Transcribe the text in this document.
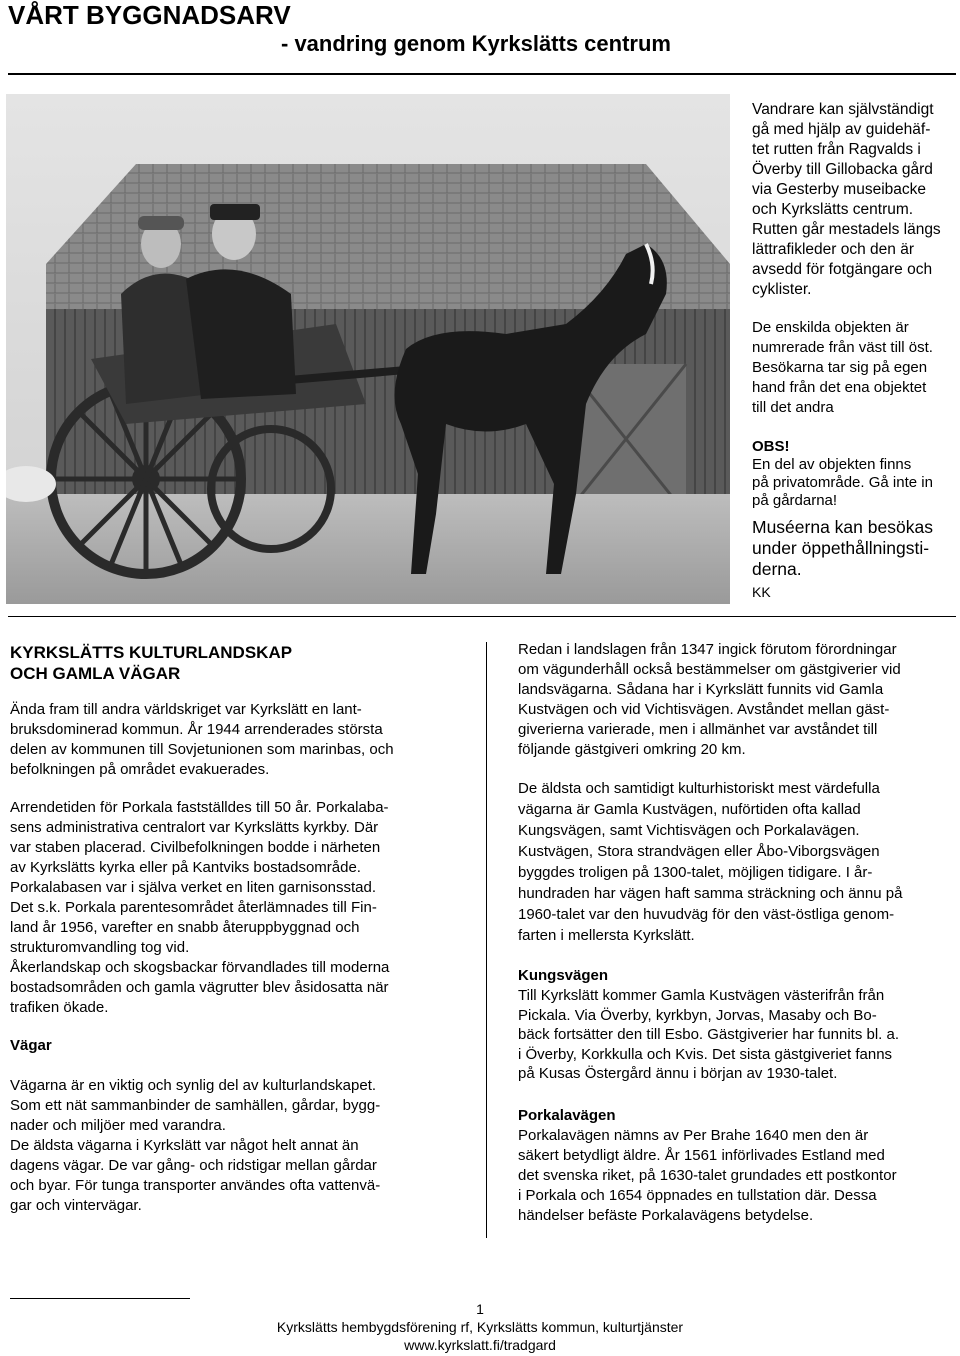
VÅRT BYGGNADSARV
- vandring genom Kyrkslätts centrum
Vandrare kan självständigt
gå med hjälp av guidehäf-
tet rutten från Ragvalds i
Överby till Gillobacka gård
via Gesterby museibacke
och Kyrkslätts centrum.
Rutten går mestadels längs
lättrafikleder och den är
avsedd för fotgängare och
cyklister.
De enskilda objekten är
numrerade från väst till öst.
Besökarna tar sig på egen
hand från det ena objektet
till det andra
OBS!
En del av objekten finns
på privatområde. Gå inte in
på gårdarna!
Muséerna kan besökas
under öppethållningsti-
derna.
KK
KYRKSLÄTTS KULTURLANDSKAP
OCH GAMLA VÄGAR

Ända fram till andra världskriget var Kyrkslätt en lant-
bruksdominerad kommun. År 1944 arrenderades största
delen av kommunen till Sovjetunionen som marinbas, och
befolkningen på området evakuerades.

Arrendetiden för Porkala fastställdes till 50 år. Porkalaba-
sens administrativa centralort var Kyrkslätts kyrkby. Där
var staben placerad. Civilbefolkningen bodde i närheten
av Kyrkslätts kyrka eller på Kantviks bostadsområde.
Porkalabasen var i själva verket en liten garnisonsstad.
Det s.k. Porkala parentesområdet återlämnades till Fin-
land år 1956, varefter en snabb återuppbyggnad och
strukturomvandling tog vid.
Åkerlandskap och skogsbackar förvandlades till moderna
bostadsområden och gamla vägrutter blev åsidosatta när
trafiken ökade.

Vägar

Vägarna är en viktig och synlig del av kulturlandskapet.
Som ett nät sammanbinder de samhällen, gårdar, bygg-
nader och miljöer med varandra.
De äldsta vägarna i Kyrkslätt var något helt annat än
dagens vägar. De var gång- och ridstigar mellan gårdar
och byar. För tunga transporter användes ofta vattenvä-
gar och vintervägar.

Redan i landslagen från 1347 ingick förutom förordningar
om vägunderhåll också bestämmelser om gästgiverier vid
landsvägarna. Sådana har i Kyrkslätt funnits vid Gamla
Kustvägen och vid Vichtisvägen. Avståndet mellan gäst-
giverierna varierade, men i allmänhet var avståndet till
följande gästgiveri omkring 20 km.

De äldsta och samtidigt kulturhistoriskt mest värdefulla
vägarna är Gamla Kustvägen, nuförtiden ofta kallad
Kungsvägen, samt Vichtisvägen och Porkalavägen.
Kustvägen, Stora strandvägen eller Åbo-Viborgsvägen
byggdes troligen på 1300-talet, möjligen tidigare. I år-
hundraden har vägen haft samma sträckning och ännu på
1960-talet var den huvudväg för den väst-östliga genom-
farten i mellersta Kyrkslätt.

Kungsvägen

Till Kyrkslätt kommer Gamla Kustvägen västerifrån från
Pickala. Via Överby, kyrkbyn, Jorvas, Masaby och Bo-
bäck fortsätter den till Esbo. Gästgiverier har funnits bl. a.
i Överby, Korkkulla och Kvis. Det sista gästgiveriet fanns
på Kusas Östergård ännu i början av 1930-talet.

Porkalavägen

Porkalavägen nämns av Per Brahe 1640 men den är
säkert betydligt äldre. År 1561 införlivades Estland med
det svenska riket, på 1630-talet grundades ett postkontor
i Porkala och 1654 öppnades en tullstation där. Dessa
händelser befäste Porkalavägens betydelse.

1
Kyrkslätts hembygdsförening rf, Kyrkslätts kommun, kulturtjänster
www.kyrkslatt.fi/tradgard
